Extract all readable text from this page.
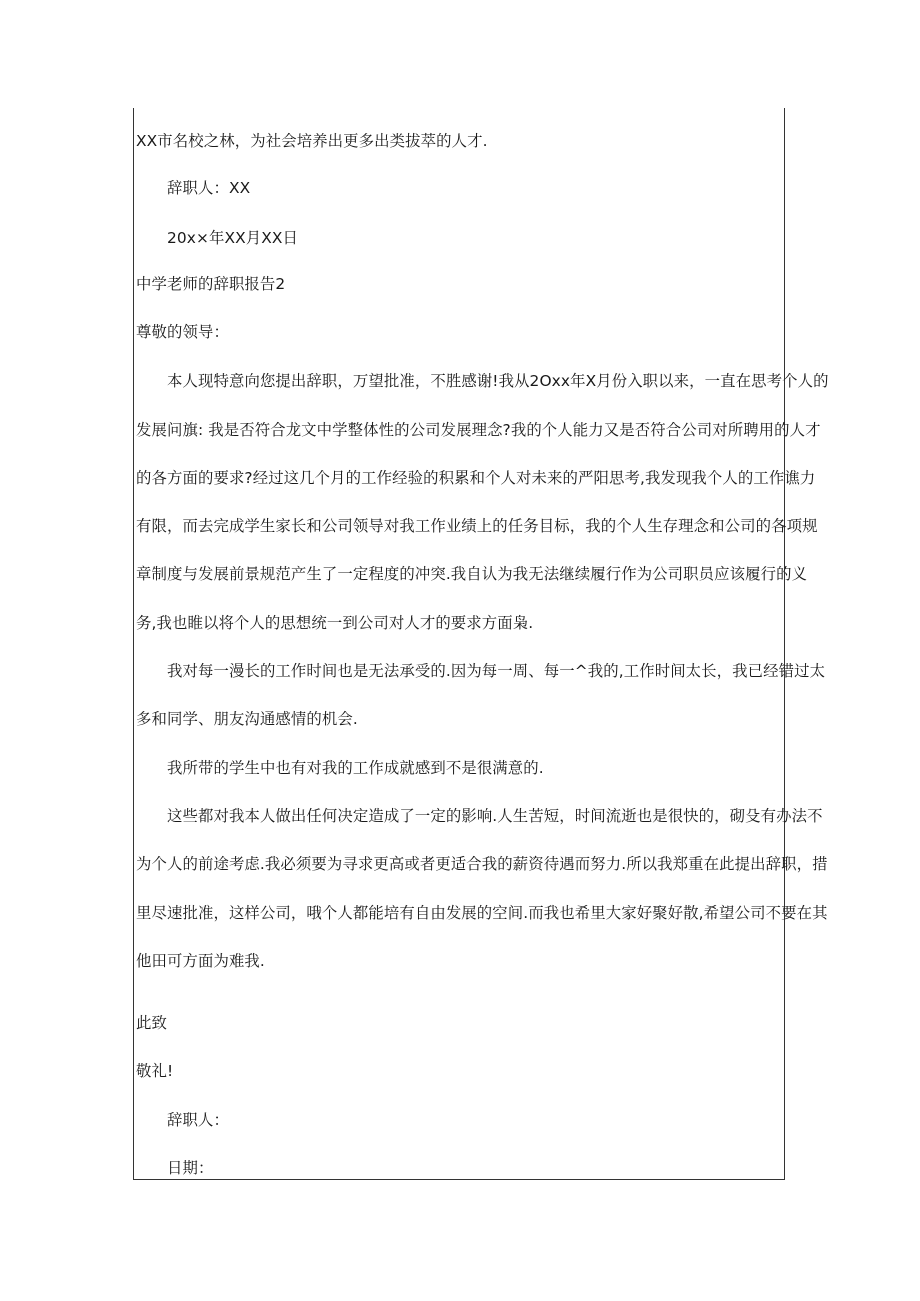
XX市名校之林，为社会培养出更多出类拔萃的人才.

辞职人：XX

20x×年XX月XX日

中学老师的辞职报告2

尊敬的领导：

本人现特意向您提出辞职，万望批准，不胜感谢!我从2Oxx年X月份入职以来，一直在思考个人的

发展问旗: 我是否符合龙文中学整体性的公司发展理念?我的个人能力又是否符合公司对所聘用的人才

的各方面的要求?经过这几个月的工作经验的积累和个人对未来的严阳思考,我发现我个人的工作谯力

有限，而去完成学生家长和公司领导对我工作业绩上的任务目标，我的个人生存理念和公司的各项规

章制度与发展前景规范产生了一定程度的冲突.我自认为我无法继续履行作为公司职员应该履行的义

务,我也睢以将个人的思想统一到公司对人才的要求方面枭.

我对每一漫长的工作时间也是无法承受的.因为每一周、每一^我的,工作时间太长，我已经错过太

多和同学、朋友沟通感情的机会.

我所带的学生中也有对我的工作成就感到不是很满意的.

这些都对我本人做出任何决定造成了一定的影响.人生苦短，时间流逝也是很快的，砌殳有办法不

为个人的前途考虑.我必须要为寻求更高或者更适合我的薪资待遇而努力.所以我郑重在此提出辞职，措

里尽速批准，这样公司，哦个人都能培有自由发展的空间.而我也希里大家好聚好散,希望公司不要在其

他田可方面为难我.

此致

敬礼!

辞职人：

日期：
